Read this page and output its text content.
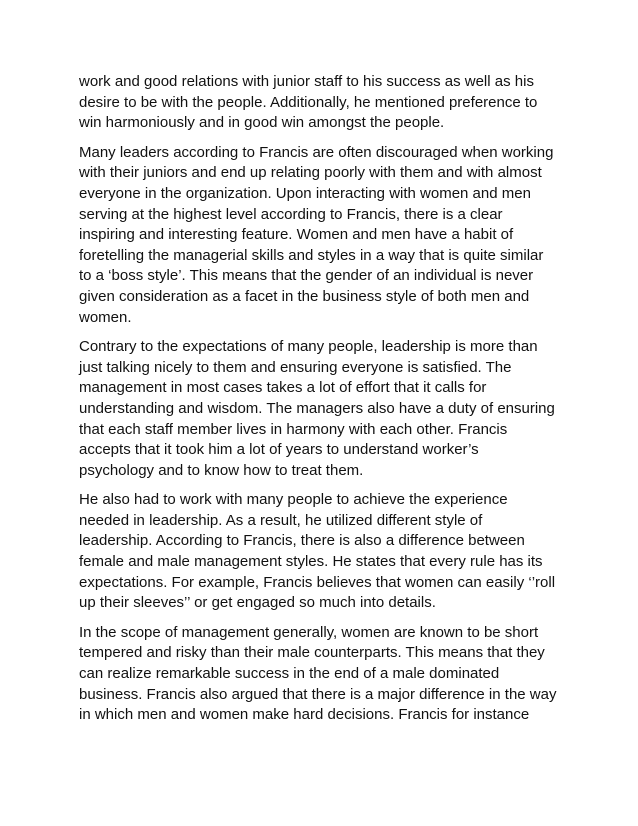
work and good relations with junior staff to his success as well as his
desire to be with the people. Additionally, he mentioned preference to
win harmoniously and in good win amongst the people.

Many leaders according to Francis are often discouraged when working
with their juniors and end up relating poorly with them and with almost
everyone in the organization. Upon interacting with women and men
serving at the highest level according to Francis, there is a clear
inspiring and interesting feature. Women and men have a habit of
foretelling the managerial skills and styles in a way that is quite similar
to a ‘boss style’. This means that the gender of an individual is never
given consideration as a facet in the business style of both men and
women.

Contrary to the expectations of many people, leadership is more than
just talking nicely to them and ensuring everyone is satisfied. The
management in most cases takes a lot of effort that it calls for
understanding and wisdom. The managers also have a duty of ensuring
that each staff member lives in harmony with each other. Francis
accepts that it took him a lot of years to understand worker’s
psychology and to know how to treat them.

He also had to work with many people to achieve the experience
needed in leadership. As a result, he utilized different style of
leadership. According to Francis, there is also a difference between
female and male management styles. He states that every rule has its
expectations. For example, Francis believes that women can easily ‘’roll
up their sleeves’’ or get engaged so much into details.

In the scope of management generally, women are known to be short
tempered and risky than their male counterparts. This means that they
can realize remarkable success in the end of a male dominated
business. Francis also argued that there is a major difference in the way
in which men and women make hard decisions. Francis for instance
